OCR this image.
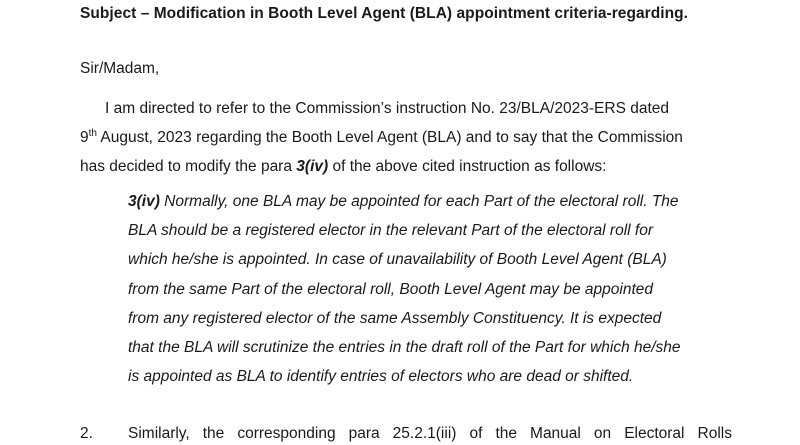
Subject – Modification in Booth Level Agent (BLA) appointment criteria-regarding.
Sir/Madam,
I am directed to refer to the Commission’s instruction No. 23/BLA/2023-ERS dated
9th August, 2023 regarding the Booth Level Agent (BLA) and to say that the Commission
has decided to modify the para 3(iv) of the above cited instruction as follows:
3(iv) Normally, one BLA may be appointed for each Part of the electoral roll. The
BLA should be a registered elector in the relevant Part of the electoral roll for
which he/she is appointed. In case of unavailability of Booth Level Agent (BLA)
from the same Part of the electoral roll, Booth Level Agent may be appointed
from any registered elector of the same Assembly Constituency. It is expected
that the BLA will scrutinize the entries in the draft roll of the Part for which he/she
is appointed as BLA to identify entries of electors who are dead or shifted.
2. Similarly, the corresponding para 25.2.1(iii) of the Manual on Electoral Rolls
